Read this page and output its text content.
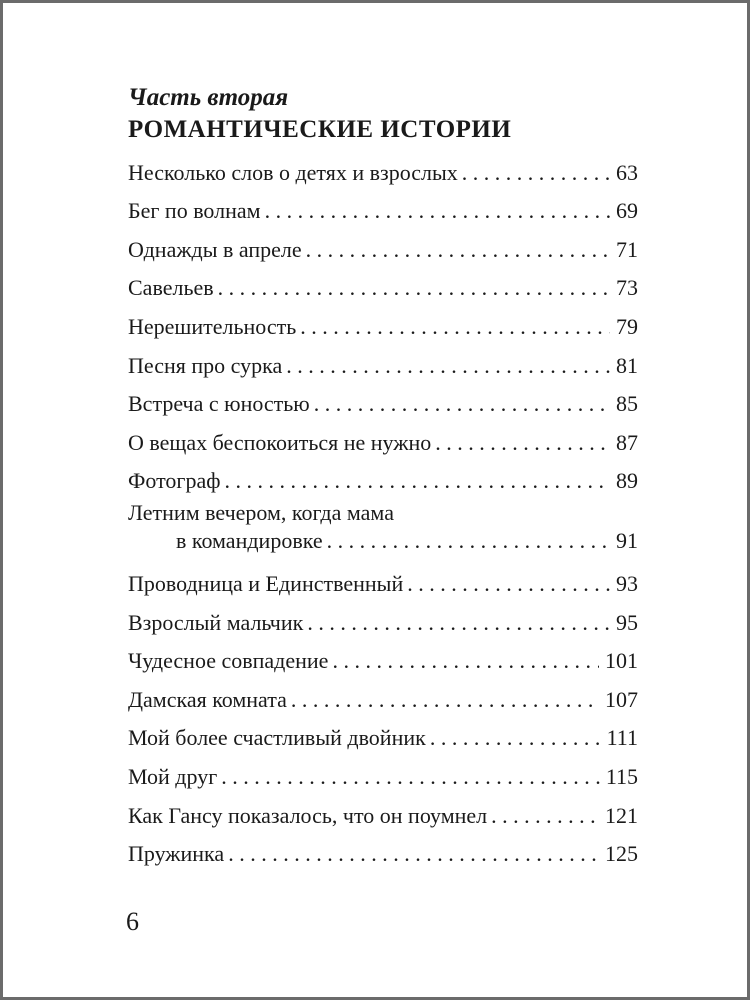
Часть вторая

РОМАНТИЧЕСКИЕ ИСТОРИИ

Несколько слов о детях и взрослых . . .	63
Бег по волнам . . .	69
Однажды в апреле . . .	71
Савельев . . .	73
Нерешительность . . .	79
Песня про сурка . . .	81
Встреча с юностью . . .	85
О вещах беспокоиться не нужно . . .	87
Фотограф . . .	89
Летним вечером, когда мама
в командировке . . .	91
Проводница и Единственный . . .	93
Взрослый мальчик . . .	95
Чудесное совпадение . . .	101
Дамская комната . . .	107
Мой более счастливый двойник . . .	111
Мой друг . . .	115
Как Гансу показалось, что он поумнел . . .	121
Пружинка . . .	125

6
